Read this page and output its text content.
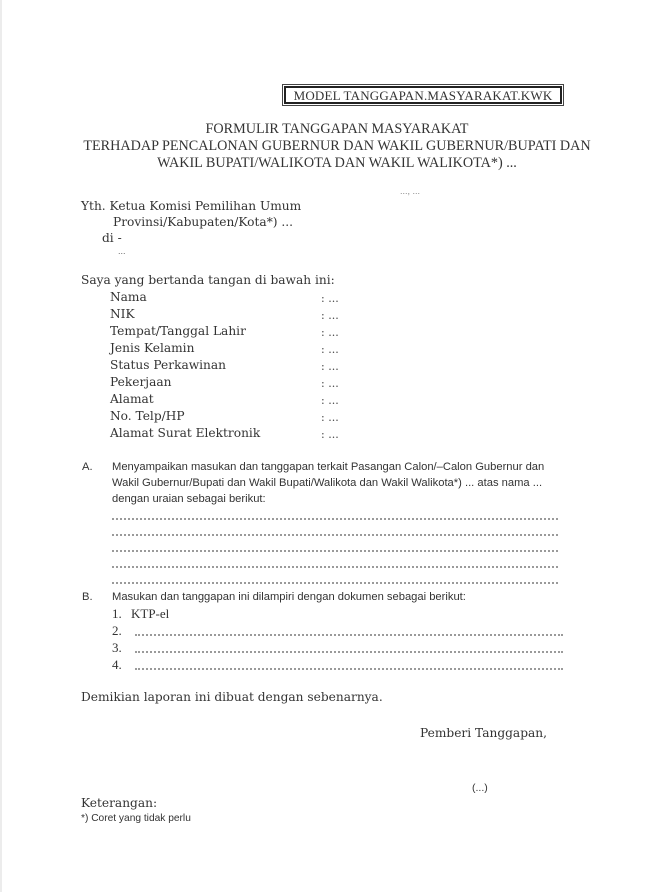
MODEL TANGGAPAN.MASYARAKAT.KWK
FORMULIR TANGGAPAN MASYARAKAT
TERHADAP PENCALONAN GUBERNUR DAN WAKIL GUBERNUR/BUPATI DAN
WAKIL BUPATI/WALIKOTA DAN WAKIL WALIKOTA*) ...
..., ...
Yth. Ketua Komisi Pemilihan Umum
Provinsi/Kabupaten/Kota*) ...
di -
...
Saya yang bertanda tangan di bawah ini:
Nama	: ...
NIK	: ...
Tempat/Tanggal Lahir	: ...
Jenis Kelamin	: ...
Status Perkawinan	: ...
Pekerjaan	: ...
Alamat	: ...
No. Telp/HP	: ...
Alamat Surat Elektronik	: ...
A. Menyampaikan masukan dan tanggapan terkait Pasangan Calon/–Calon Gubernur dan
Wakil Gubernur/Bupati dan Wakil Bupati/Walikota dan Wakil Walikota*) ... atas nama ...
dengan uraian sebagai berikut:
B. Masukan dan tanggapan ini dilampiri dengan dokumen sebagai berikut:
1. KTP-el
2.
3.
4.
Demikian laporan ini dibuat dengan sebenarnya.
Pemberi Tanggapan,
(...)
Keterangan:
*) Coret yang tidak perlu
